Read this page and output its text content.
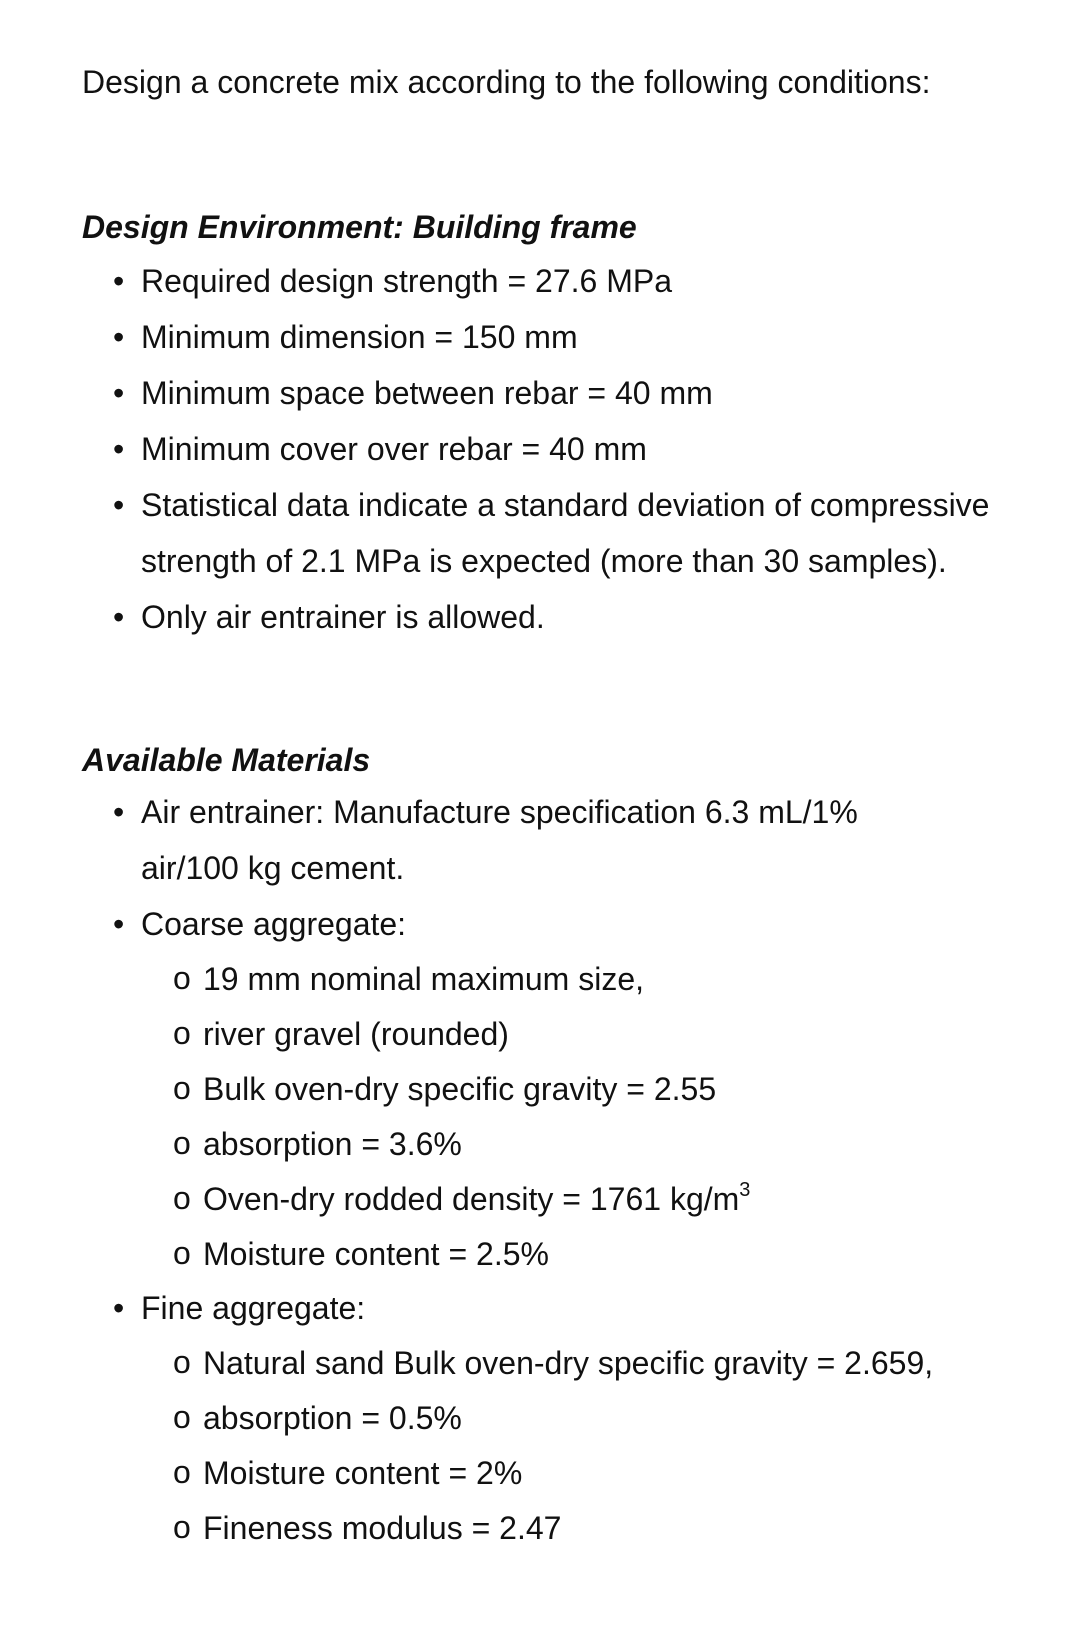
Design a concrete mix according to the following conditions:

Design Environment: Building frame

• Required design strength = 27.6 MPa
• Minimum dimension = 150 mm
• Minimum space between rebar = 40 mm
• Minimum cover over rebar = 40 mm
• Statistical data indicate a standard deviation of compressive strength of 2.1 MPa is expected (more than 30 samples).
• Only air entrainer is allowed.

Available Materials

• Air entrainer: Manufacture specification 6.3 mL/1% air/100 kg cement.
• Coarse aggregate:
o 19 mm nominal maximum size,
o river gravel (rounded)
o Bulk oven-dry specific gravity = 2.55
o absorption = 3.6%
o Oven-dry rodded density = 1761 $kg/m^3$
o Moisture content = 2.5%
• Fine aggregate:
o Natural sand Bulk oven-dry specific gravity = 2.659,
o absorption = 0.5%
o Moisture content = 2%
o Fineness modulus = 2.47
